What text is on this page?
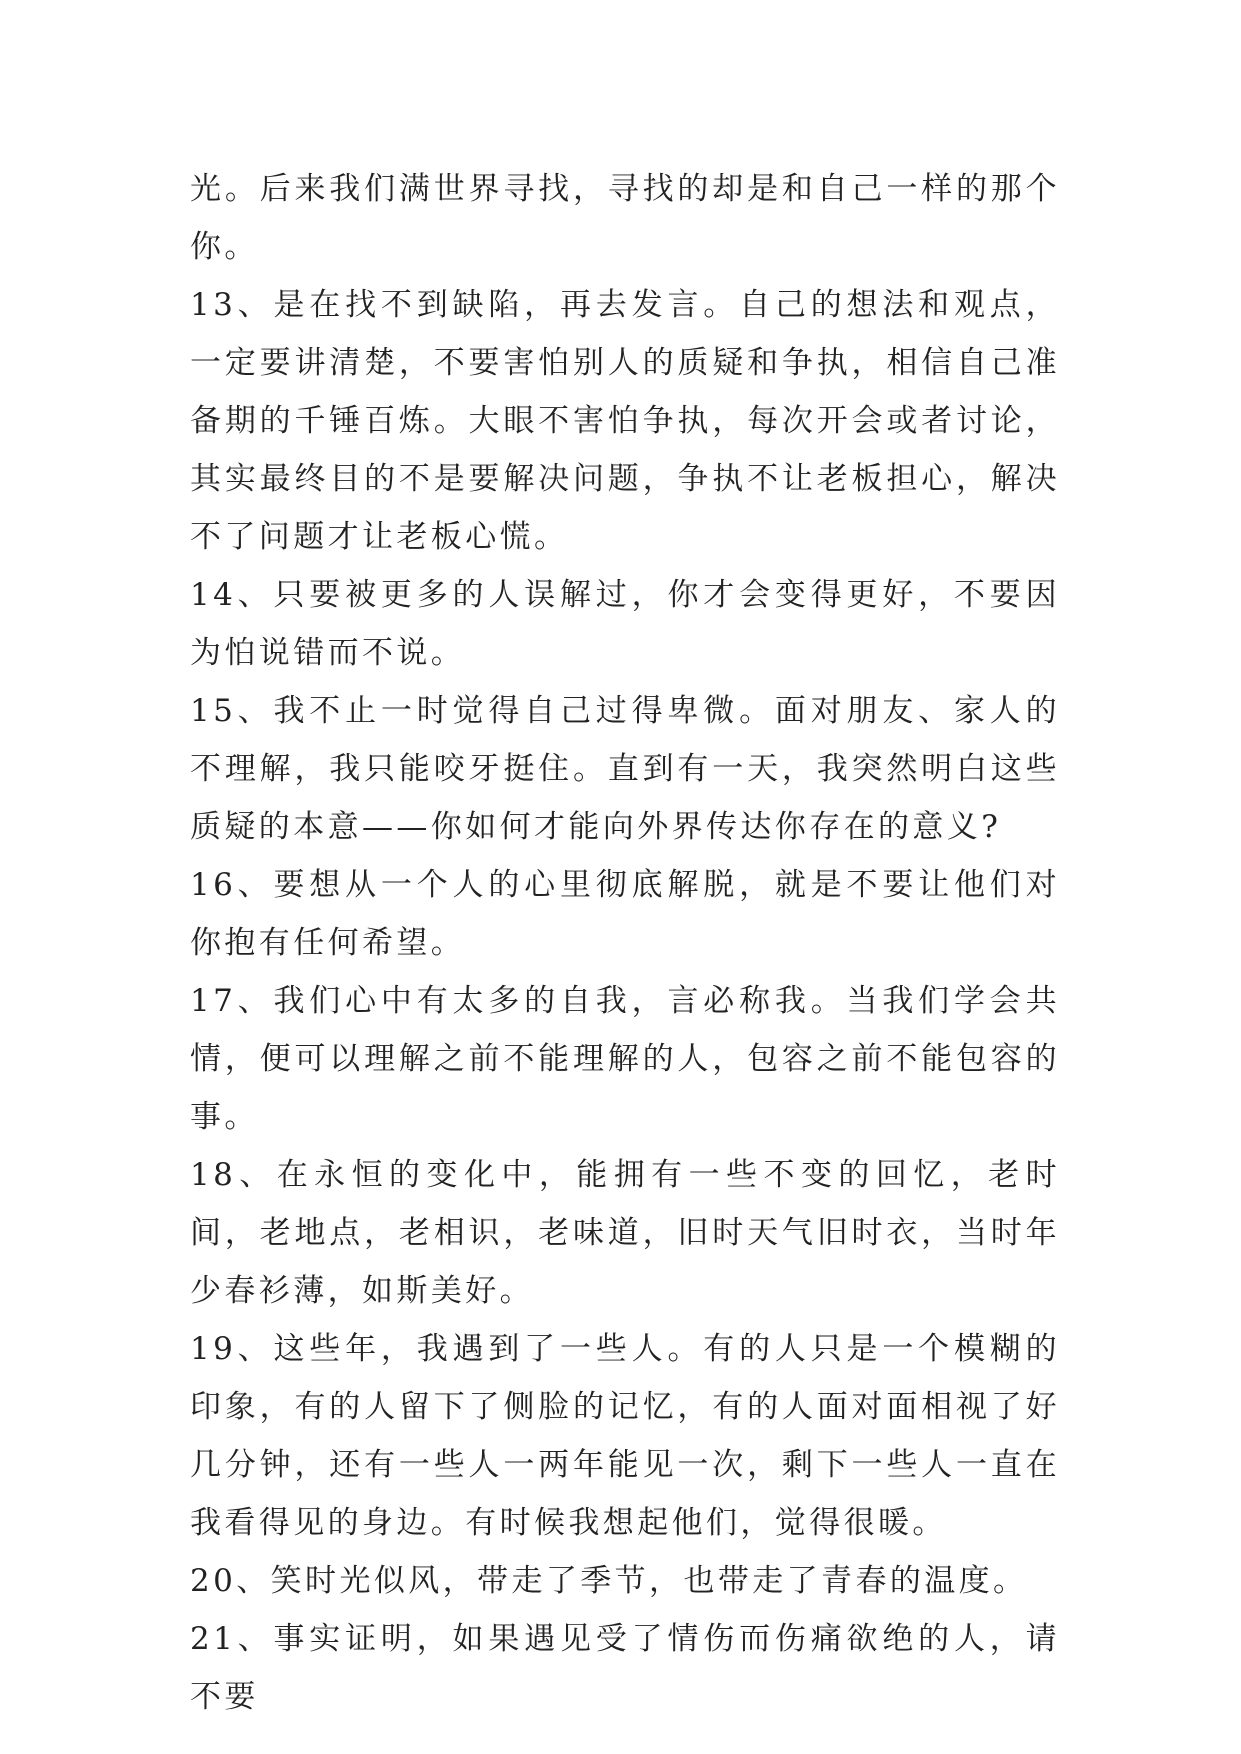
光。后来我们满世界寻找，寻找的却是和自己一样的那个你。

13、是在找不到缺陷，再去发言。自己的想法和观点，一定要讲清楚，不要害怕别人的质疑和争执，相信自己准备期的千锤百炼。大眼不害怕争执，每次开会或者讨论，其实最终目的不是要解决问题，争执不让老板担心，解决不了问题才让老板心慌。

14、只要被更多的人误解过，你才会变得更好，不要因为怕说错而不说。

15、我不止一时觉得自己过得卑微。面对朋友、家人的不理解，我只能咬牙挺住。直到有一天，我突然明白这些质疑的本意——你如何才能向外界传达你存在的意义?

16、要想从一个人的心里彻底解脱，就是不要让他们对你抱有任何希望。

17、我们心中有太多的自我，言必称我。当我们学会共情，便可以理解之前不能理解的人，包容之前不能包容的事。

18、在永恒的变化中，能拥有一些不变的回忆，老时间，老地点，老相识，老味道，旧时天气旧时衣，当时年少春衫薄，如斯美好。

19、这些年，我遇到了一些人。有的人只是一个模糊的印象，有的人留下了侧脸的记忆，有的人面对面相视了好几分钟，还有一些人一两年能见一次，剩下一些人一直在我看得见的身边。有时候我想起他们，觉得很暖。

20、笑时光似风，带走了季节，也带走了青春的温度。

21、事实证明，如果遇见受了情伤而伤痛欲绝的人，请不要
